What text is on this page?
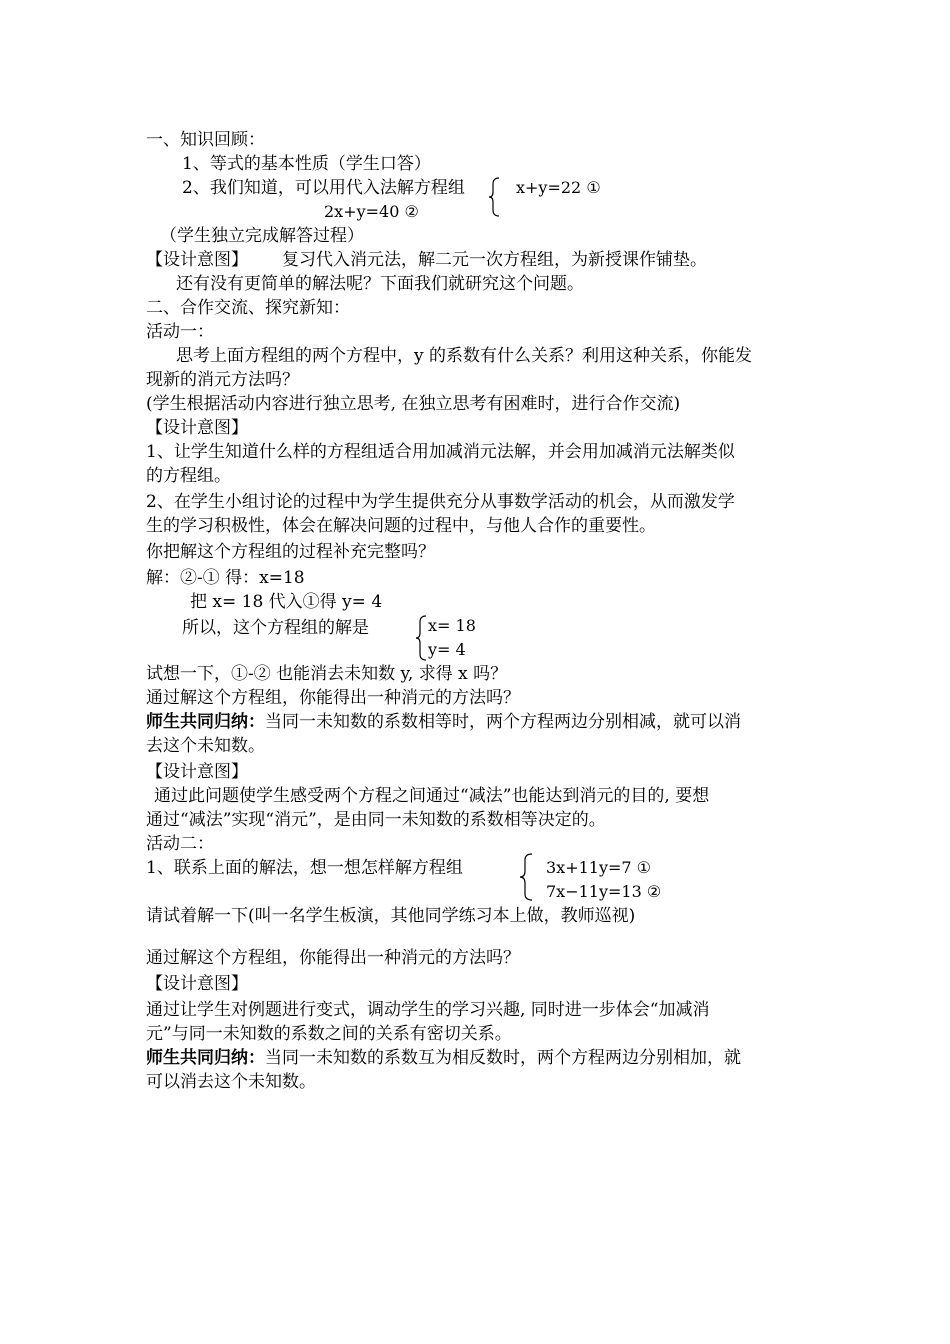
一、知识回顾：
1、等式的基本性质（学生口答）
2、我们知道，可以用代入法解方程组	x+y=22 ①
2x+y=40 ②
（学生独立完成解答过程）
【设计意图】 复习代入消元法，解二元一次方程组，为新授课作铺垫。
还有没有更简单的解法呢？下面我们就研究这个问题。
二、合作交流、探究新知：
活动一：
思考上面方程组的两个方程中，y 的系数有什么关系？利用这种关系，你能发
现新的消元方法吗？
(学生根据活动内容进行独立思考, 在独立思考有困难时，进行合作交流)
【设计意图】
1、让学生知道什么样的方程组适合用加减消元法解，并会用加减消元法解类似
的方程组。
2、在学生小组讨论的过程中为学生提供充分从事数学活动的机会，从而激发学
生的学习积极性，体会在解决问题的过程中，与他人合作的重要性。
你把解这个方程组的过程补充完整吗？
解：②-① 得：x=18
把 x= 18 代入①得 y= 4
所以，这个方程组的解是	x= 18
y= 4
试想一下，①-② 也能消去未知数 y, 求得 x 吗？
通过解这个方程组，你能得出一种消元的方法吗？
师生共同归纳：当同一未知数的系数相等时，两个方程两边分别相减，就可以消
去这个未知数。
【设计意图】
通过此问题使学生感受两个方程之间通过“减法”也能达到消元的目的, 要想
通过“减法”实现“消元”，是由同一未知数的系数相等决定的。
活动二：
1、联系上面的解法，想一想怎样解方程组	3x+11y=7 ①
7x−11y=13 ②
请试着解一下(叫一名学生板演，其他同学练习本上做，教师巡视)
通过解这个方程组，你能得出一种消元的方法吗？
【设计意图】
通过让学生对例题进行变式，调动学生的学习兴趣, 同时进一步体会“加减消
元”与同一未知数的系数之间的关系有密切关系。
师生共同归纳：当同一未知数的系数互为相反数时，两个方程两边分别相加，就
可以消去这个未知数。
